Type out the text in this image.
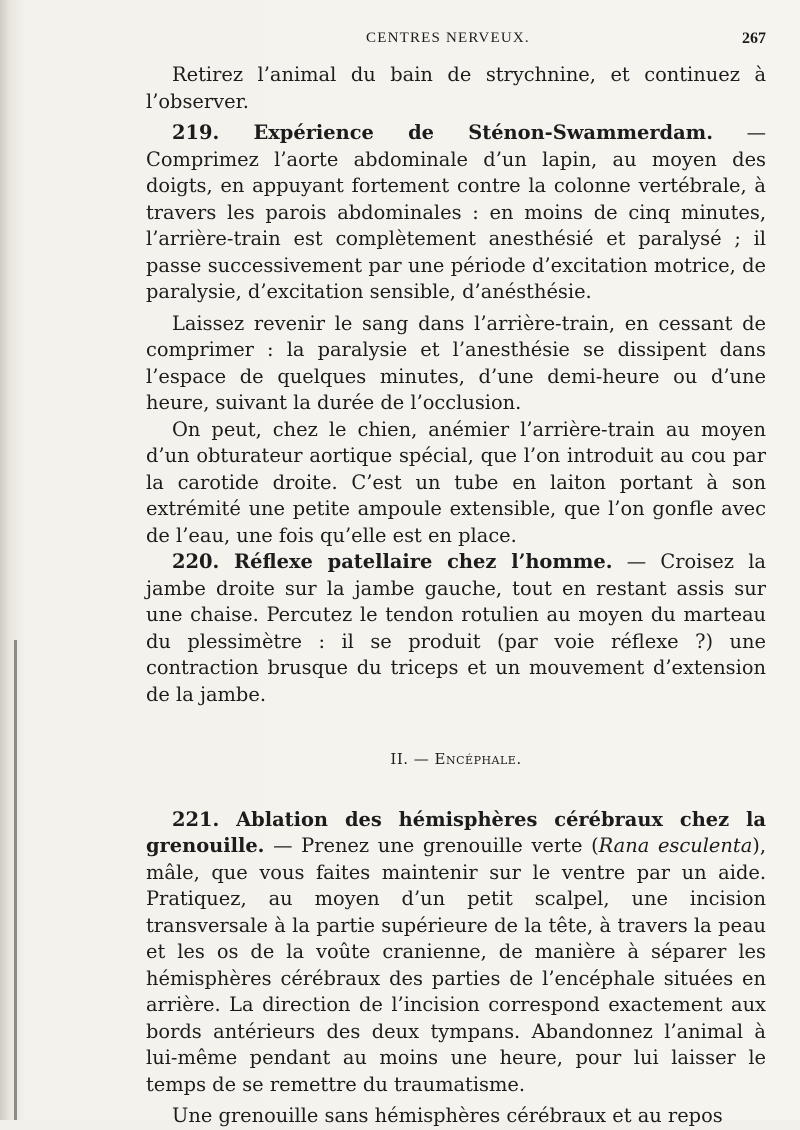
CENTRES NERVEUX.	267

Retirez l’animal du bain de strychnine, et continuez à l’observer.

219. Expérience de Sténon-Swammerdam. — Comprimez l’aorte abdominale d’un lapin, au moyen des doigts, en appuyant fortement contre la colonne vertébrale, à travers les parois abdominales : en moins de cinq minutes, l’arrière-train est complètement anesthésié et paralysé ; il passe successivement par une période d’excitation motrice, de paralysie, d’excitation sensible, d’anésthésie.

Laissez revenir le sang dans l’arrière-train, en cessant de comprimer : la paralysie et l’anesthésie se dissipent dans l’espace de quelques minutes, d’une demi-heure ou d’une heure, suivant la durée de l’occlusion.

On peut, chez le chien, anémier l’arrière-train au moyen d’un obturateur aortique spécial, que l’on introduit au cou par la carotide droite. C’est un tube en laiton portant à son extrémité une petite ampoule extensible, que l’on gonfle avec de l’eau, une fois qu’elle est en place.

220. Réflexe patellaire chez l’homme. — Croisez la jambe droite sur la jambe gauche, tout en restant assis sur une chaise. Percutez le tendon rotulien au moyen du marteau du plessimètre : il se produit (par voie réflexe ?) une contraction brusque du triceps et un mouvement d’extension de la jambe.

II. — Encéphale.

221. Ablation des hémisphères cérébraux chez la grenouille. — Prenez une grenouille verte (Rana esculenta), mâle, que vous faites maintenir sur le ventre par un aide. Pratiquez, au moyen d’un petit scalpel, une incision transversale à la partie supérieure de la tête, à travers la peau et les os de la voûte cranienne, de manière à séparer les hémisphères cérébraux des parties de l’encéphale situées en arrière. La direction de l’incision correspond exactement aux bords antérieurs des deux tympans. Abandonnez l’animal à lui-même pendant au moins une heure, pour lui laisser le temps de se remettre du traumatisme.

Une grenouille sans hémisphères cérébraux et au repos
